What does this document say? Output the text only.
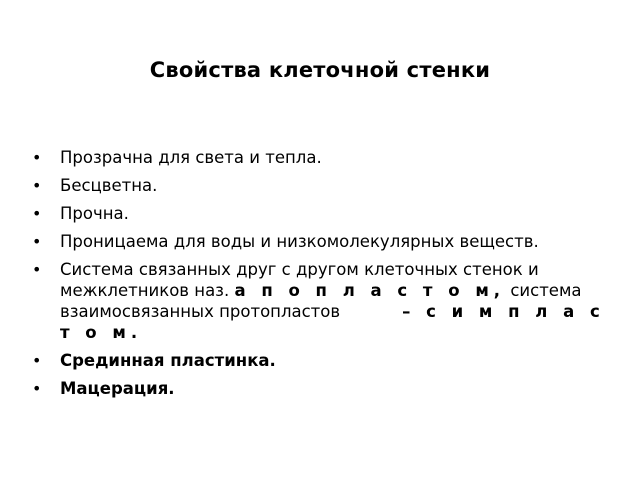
Свойства клеточной стенки
• Прозрачна для света и тепла.
• Бесцветна.
• Прочна.
• Проницаема для воды и низкомолекулярных веществ.
• Система связанных друг с другом клеточных стенок и межклетников наз. а п о п л а с т о м, система взаимосвязанных протопластов	– с и м п л а с т о м.
• Срединная пластинка.
• Мацерация.
